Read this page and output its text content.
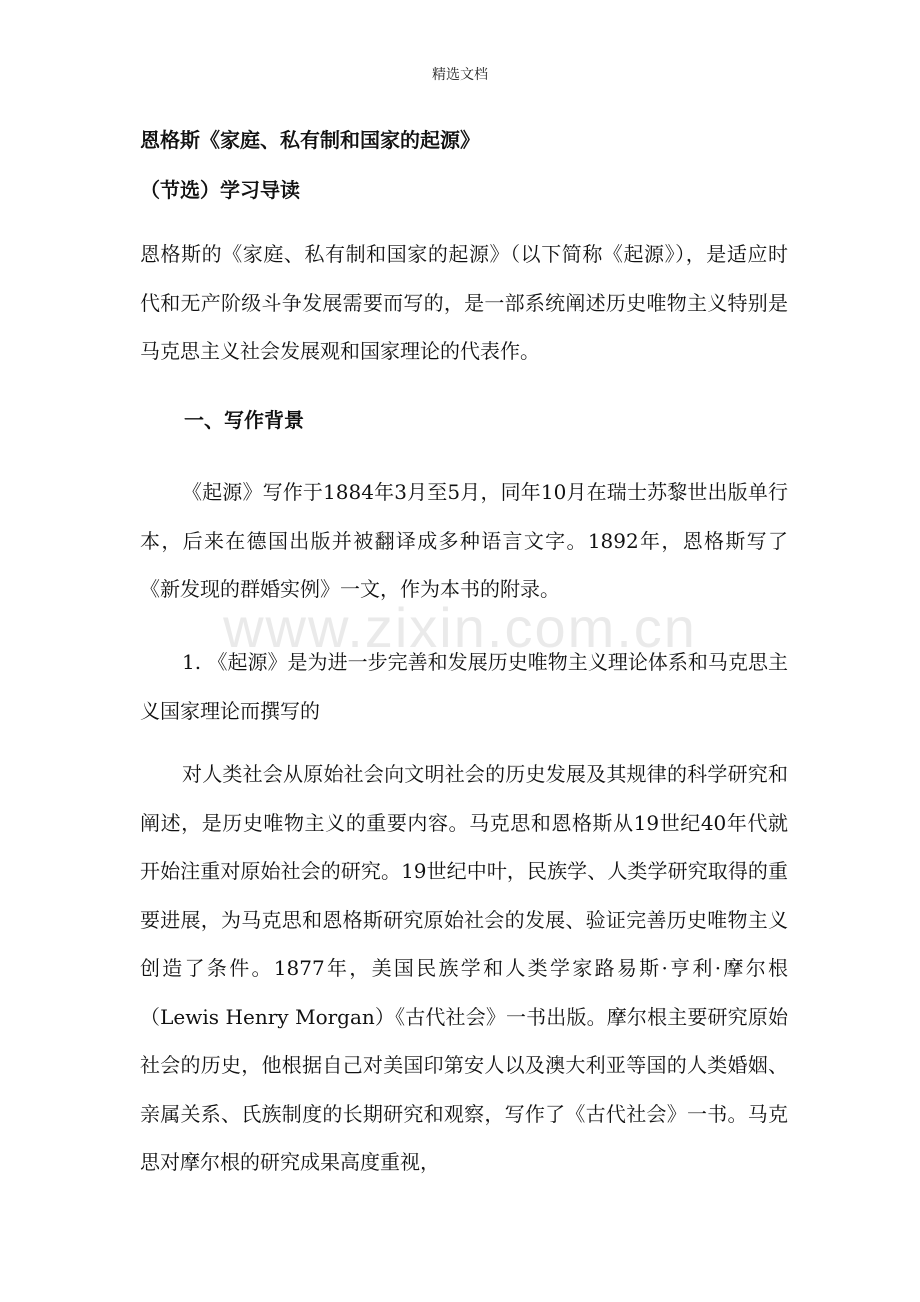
精选文档
恩格斯《家庭、私有制和国家的起源》
（节选）学习导读
恩格斯的《家庭、私有制和国家的起源》（以下简称《起源》），是适应时代和无产阶级斗争发展需要而写的，是一部系统阐述历史唯物主义特别是马克思主义社会发展观和国家理论的代表作。
一、写作背景
《起源》写作于1884年3月至5月，同年10月在瑞士苏黎世出版单行本，后来在德国出版并被翻译成多种语言文字。1892年，恩格斯写了《新发现的群婚实例》一文，作为本书的附录。
1. 《起源》是为进一步完善和发展历史唯物主义理论体系和马克思主义国家理论而撰写的
对人类社会从原始社会向文明社会的历史发展及其规律的科学研究和阐述，是历史唯物主义的重要内容。马克思和恩格斯从19世纪40年代就开始注重对原始社会的研究。19世纪中叶，民族学、人类学研究取得的重要进展，为马克思和恩格斯研究原始社会的发展、验证完善历史唯物主义创造了条件。1877年，美国民族学和人类学家路易斯·亨利·摩尔根（Lewis Henry Morgan）《古代社会》一书出版。摩尔根主要研究原始社会的历史，他根据自己对美国印第安人以及澳大利亚等国的人类婚姻、亲属关系、氏族制度的长期研究和观察，写作了《古代社会》一书。马克思对摩尔根的研究成果高度重视，
www.zixin.com.cn
